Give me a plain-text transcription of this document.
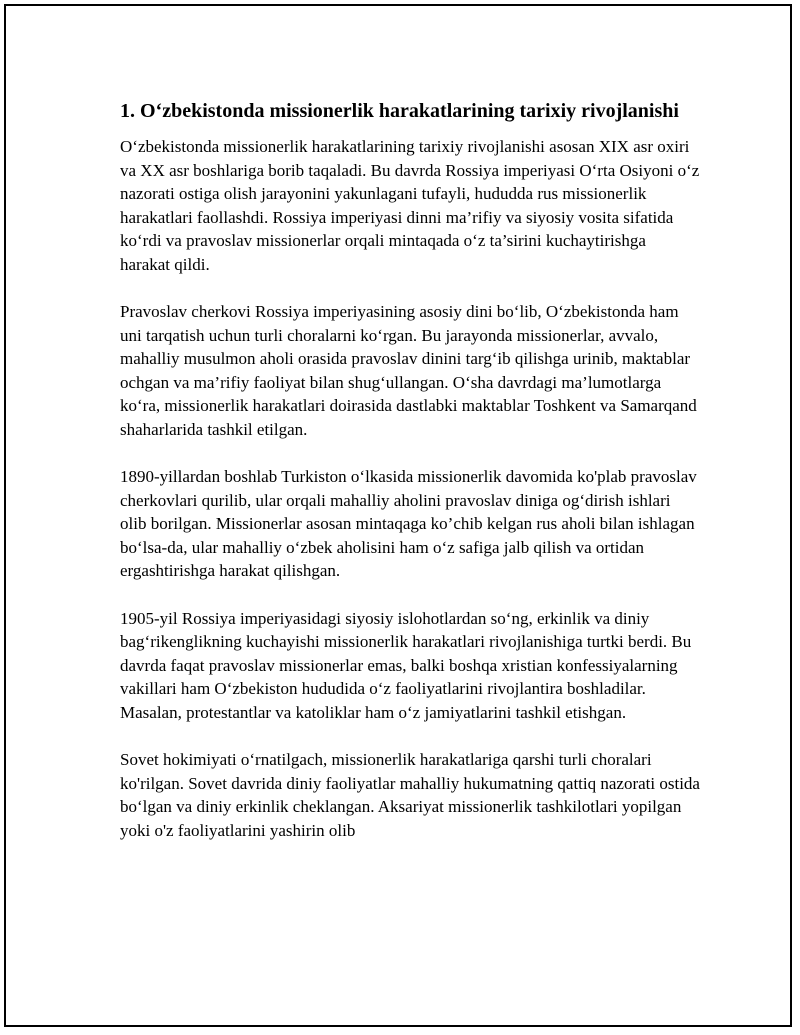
1. O‘zbekistonda missionerlik harakatlarining tarixiy rivojlanishi

O‘zbekistonda missionerlik harakatlarining tarixiy rivojlanishi asosan XIX asr oxiri va XX asr boshlariga borib taqaladi. Bu davrda Rossiya imperiyasi O‘rta Osiyoni o‘z nazorati ostiga olish jarayonini yakunlagani tufayli, hududda rus missionerlik harakatlari faollashdi. Rossiya imperiyasi dinni ma’rifiy va siyosiy vosita sifatida ko‘rdi va pravoslav missionerlar orqali mintaqada o‘z ta’sirini kuchaytirishga harakat qildi.

Pravoslav cherkovi Rossiya imperiyasining asosiy dini bo‘lib, O‘zbekistonda ham uni tarqatish uchun turli choralarni ko‘rgan. Bu jarayonda missionerlar, avvalo, mahalliy musulmon aholi orasida pravoslav dinini targ‘ib qilishga urinib, maktablar ochgan va ma’rifiy faoliyat bilan shug‘ullangan. O‘sha davrdagi ma’lumotlarga ko‘ra, missionerlik harakatlari doirasida dastlabki maktablar Toshkent va Samarqand shaharlarida tashkil etilgan.

1890-yillardan boshlab Turkiston o‘lkasida missionerlik davomida ko'plab pravoslav cherkovlari qurilib, ular orqali mahalliy aholini pravoslav diniga og‘dirish ishlari olib borilgan. Missionerlar asosan mintaqaga ko’chib kelgan rus aholi bilan ishlagan bo‘lsa-da, ular mahalliy o‘zbek aholisini ham o‘z safiga jalb qilish va ortidan ergashtirishga harakat qilishgan.

1905-yil Rossiya imperiyasidagi siyosiy islohotlardan so‘ng, erkinlik va diniy bag‘rikenglikning kuchayishi missionerlik harakatlari rivojlanishiga turtki berdi. Bu davrda faqat pravoslav missionerlar emas, balki boshqa xristian konfessiyalarning vakillari ham O‘zbekiston hududida o‘z faoliyatlarini rivojlantira boshladilar. Masalan, protestantlar va katoliklar ham o‘z jamiyatlarini tashkil etishgan.

Sovet hokimiyati o‘rnatilgach, missionerlik harakatlariga qarshi turli choralari ko'rilgan. Sovet davrida diniy faoliyatlar mahalliy hukumatning qattiq nazorati ostida bo‘lgan va diniy erkinlik cheklangan. Aksariyat missionerlik tashkilotlari yopilgan yoki o'z faoliyatlarini yashirin olib
